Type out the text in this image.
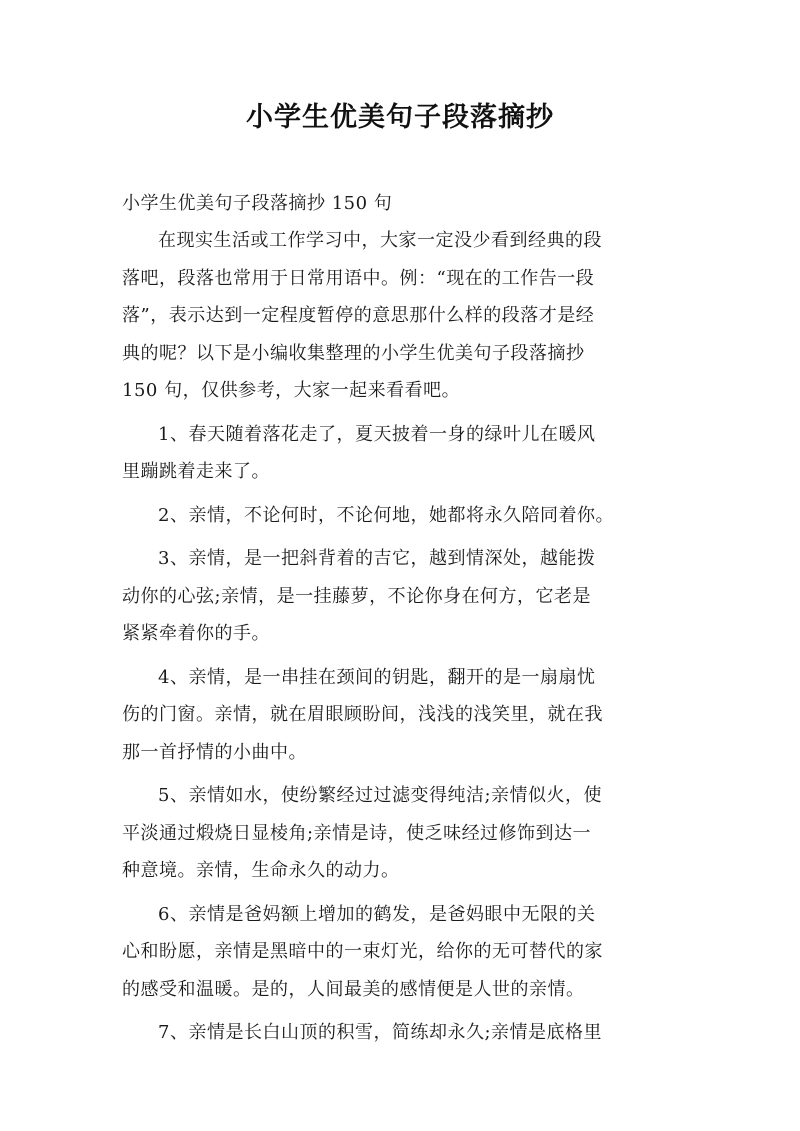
小学生优美句子段落摘抄

小学生优美句子段落摘抄 150 句

在现实生活或工作学习中，大家一定没少看到经典的段
落吧，段落也常用于日常用语中。例：“现在的工作告一段
落”，表示达到一定程度暂停的意思那什么样的段落才是经
典的呢？以下是小编收集整理的小学生优美句子段落摘抄
150 句，仅供参考，大家一起来看看吧。

1、春天随着落花走了，夏天披着一身的绿叶儿在暖风
里蹦跳着走来了。

2、亲情，不论何时，不论何地，她都将永久陪同着你。

3、亲情，是一把斜背着的吉它，越到情深处，越能拨
动你的心弦;亲情，是一挂藤萝，不论你身在何方，它老是
紧紧牵着你的手。

4、亲情，是一串挂在颈间的钥匙，翻开的是一扇扇忧
伤的门窗。亲情，就在眉眼顾盼间，浅浅的浅笑里，就在我
那一首抒情的小曲中。

5、亲情如水，使纷繁经过过滤变得纯洁;亲情似火，使
平淡通过煅烧日显棱角;亲情是诗，使乏味经过修饰到达一
种意境。亲情，生命永久的动力。

6、亲情是爸妈额上增加的鹤发，是爸妈眼中无限的关
心和盼愿，亲情是黑暗中的一束灯光，给你的无可替代的家
的感受和温暖。是的，人间最美的感情便是人世的亲情。

7、亲情是长白山顶的积雪，简练却永久;亲情是底格里
